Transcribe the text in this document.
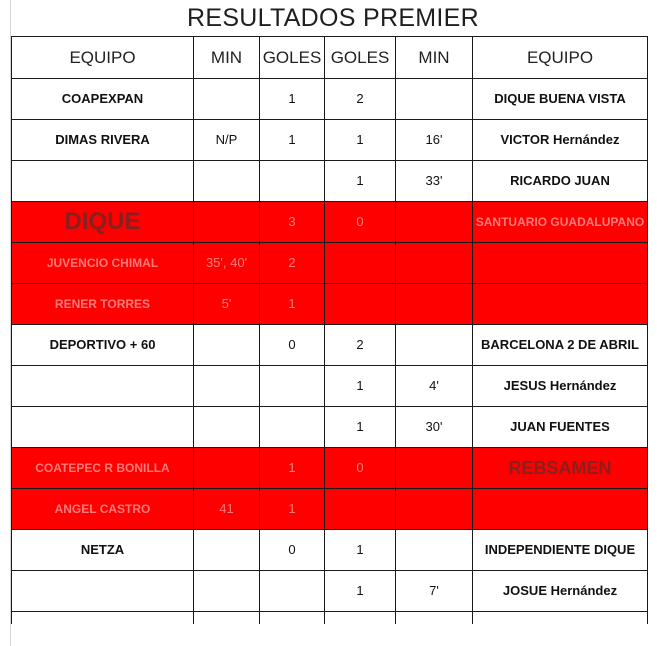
RESULTADOS PREMIER
EQUIPO	MIN	GOLES	GOLES	MIN	EQUIPO
COAPEXPAN		1	2		DIQUE BUENA VISTA
DIMAS RIVERA	N/P	1	1	16'	VICTOR Hernández
			1	33'	RICARDO JUAN
DIQUE		3	0		SANTUARIO GUADALUPANO
JUVENCIO CHIMAL	35', 40'	2			
RENER TORRES	5'	1			
DEPORTIVO + 60		0	2		BARCELONA 2 DE ABRIL
			1	4'	JESUS Hernández
			1	30'	JUAN FUENTES
COATEPEC R BONILLA		1	0		REBSAMEN
ANGEL CASTRO	41	1			
NETZA		0	1		INDEPENDIENTE DIQUE
			1	7'	JOSUE Hernández
